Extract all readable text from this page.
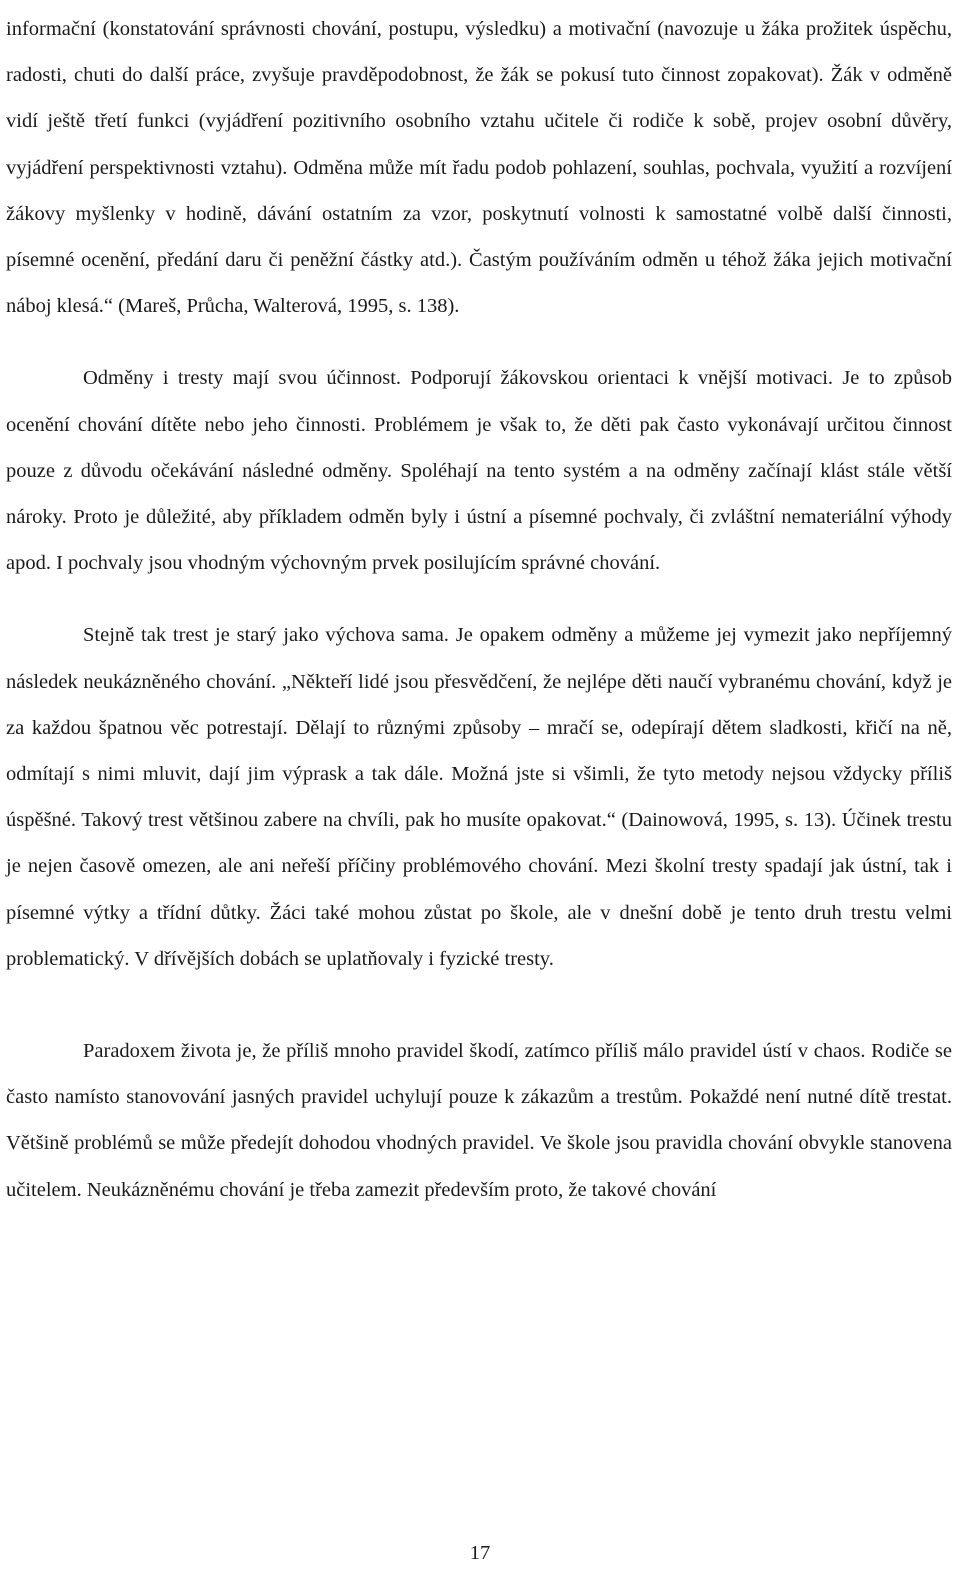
informační (konstatování správnosti chování, postupu, výsledku) a motivační (navozuje u žáka prožitek úspěchu, radosti, chuti do další práce, zvyšuje pravděpodobnost, že žák se pokusí tuto činnost zopakovat). Žák v odměně vidí ještě třetí funkci (vyjádření pozitivního osobního vztahu učitele či rodiče k sobě, projev osobní důvěry, vyjádření perspektivnosti vztahu). Odměna může mít řadu podob pohlazení, souhlas, pochvala, využití a rozvíjení žákovy myšlenky v hodině, dávání ostatním za vzor, poskytnutí volnosti k samostatné volbě další činnosti, písemné ocenění, předání daru či peněžní částky atd.). Častým používáním odměn u téhož žáka jejich motivační náboj klesá.“ (Mareš, Průcha, Walterová, 1995, s. 138).

Odměny i tresty mají svou účinnost. Podporují žákovskou orientaci k vnější motivaci. Je to způsob ocenění chování dítěte nebo jeho činnosti. Problémem je však to, že děti pak často vykonávají určitou činnost pouze z důvodu očekávání následné odměny. Spoléhají na tento systém a na odměny začínají klást stále větší nároky. Proto je důležité, aby příkladem odměn byly i ústní a písemné pochvaly, či zvláštní nemateriální výhody apod. I pochvaly jsou vhodným výchovným prvek posilujícím správné chování.

Stejně tak trest je starý jako výchova sama. Je opakem odměny a můžeme jej vymezit jako nepříjemný následek neukázněného chování. „Někteří lidé jsou přesvědčení, že nejlépe děti naučí vybranému chování, když je za každou špatnou věc potrestají. Dělají to různými způsoby – mračí se, odepírají dětem sladkosti, křičí na ně, odmítají s nimi mluvit, dají jim výprask a tak dále. Možná jste si všimli, že tyto metody nejsou vždycky příliš úspěšné. Takový trest většinou zabere na chvíli, pak ho musíte opakovat.“ (Dainowová, 1995, s. 13). Účinek trestu je nejen časově omezen, ale ani neřeší příčiny problémového chování. Mezi školní tresty spadají jak ústní, tak i písemné výtky a třídní důtky. Žáci také mohou zůstat po škole, ale v dnešní době je tento druh trestu velmi problematický. V dřívějších dobách se uplatňovaly i fyzické tresty.

Paradoxem života je, že příliš mnoho pravidel škodí, zatímco příliš málo pravidel ústí v chaos. Rodiče se často namísto stanovování jasných pravidel uchylují pouze k zákazům a trestům. Pokaždé není nutné dítě trestat. Většině problémů se může předejít dohodou vhodných pravidel. Ve škole jsou pravidla chování obvykle stanovena učitelem. Neukázněnému chování je třeba zamezit především proto, že takové chování

17
